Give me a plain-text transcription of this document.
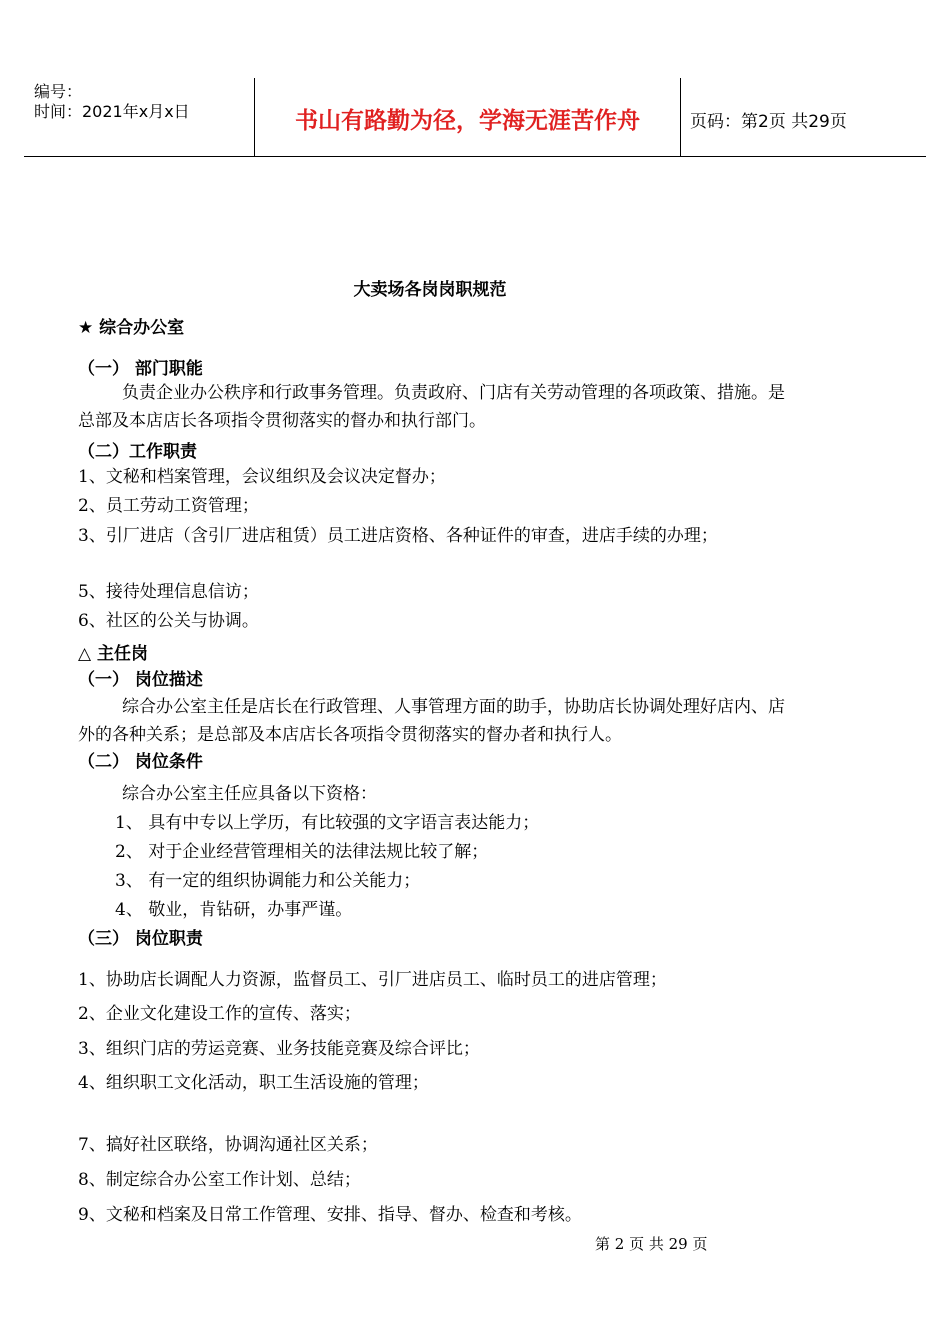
编号：
时间：2021年x月x日	书山有路勤为径，学海无涯苦作舟	页码：第2页 共29页
大卖场各岗岗职规范
★ 综合办公室
（一） 部门职能
负责企业办公秩序和行政事务管理。负责政府、门店有关劳动管理的各项政策、措施。是
总部及本店店长各项指令贯彻落实的督办和执行部门。
（二）工作职责
1、文秘和档案管理，会议组织及会议决定督办；
2、员工劳动工资管理；
3、引厂进店（含引厂进店租赁）员工进店资格、各种证件的审查，进店手续的办理；
5、接待处理信息信访；
6、社区的公关与协调。
△ 主任岗
（一） 岗位描述
综合办公室主任是店长在行政管理、人事管理方面的助手，协助店长协调处理好店内、店
外的各种关系；是总部及本店店长各项指令贯彻落实的督办者和执行人。
（二） 岗位条件
综合办公室主任应具备以下资格：
1、 具有中专以上学历，有比较强的文字语言表达能力；
2、 对于企业经营管理相关的法律法规比较了解；
3、 有一定的组织协调能力和公关能力；
4、 敬业，肯钻研，办事严谨。
（三） 岗位职责
1、协助店长调配人力资源，监督员工、引厂进店员工、临时员工的进店管理；
2、企业文化建设工作的宣传、落实；
3、组织门店的劳运竞赛、业务技能竞赛及综合评比；
4、组织职工文化活动，职工生活设施的管理；
7、搞好社区联络，协调沟通社区关系；
8、制定综合办公室工作计划、总结；
9、文秘和档案及日常工作管理、安排、指导、督办、检查和考核。
第 2 页 共 29 页
